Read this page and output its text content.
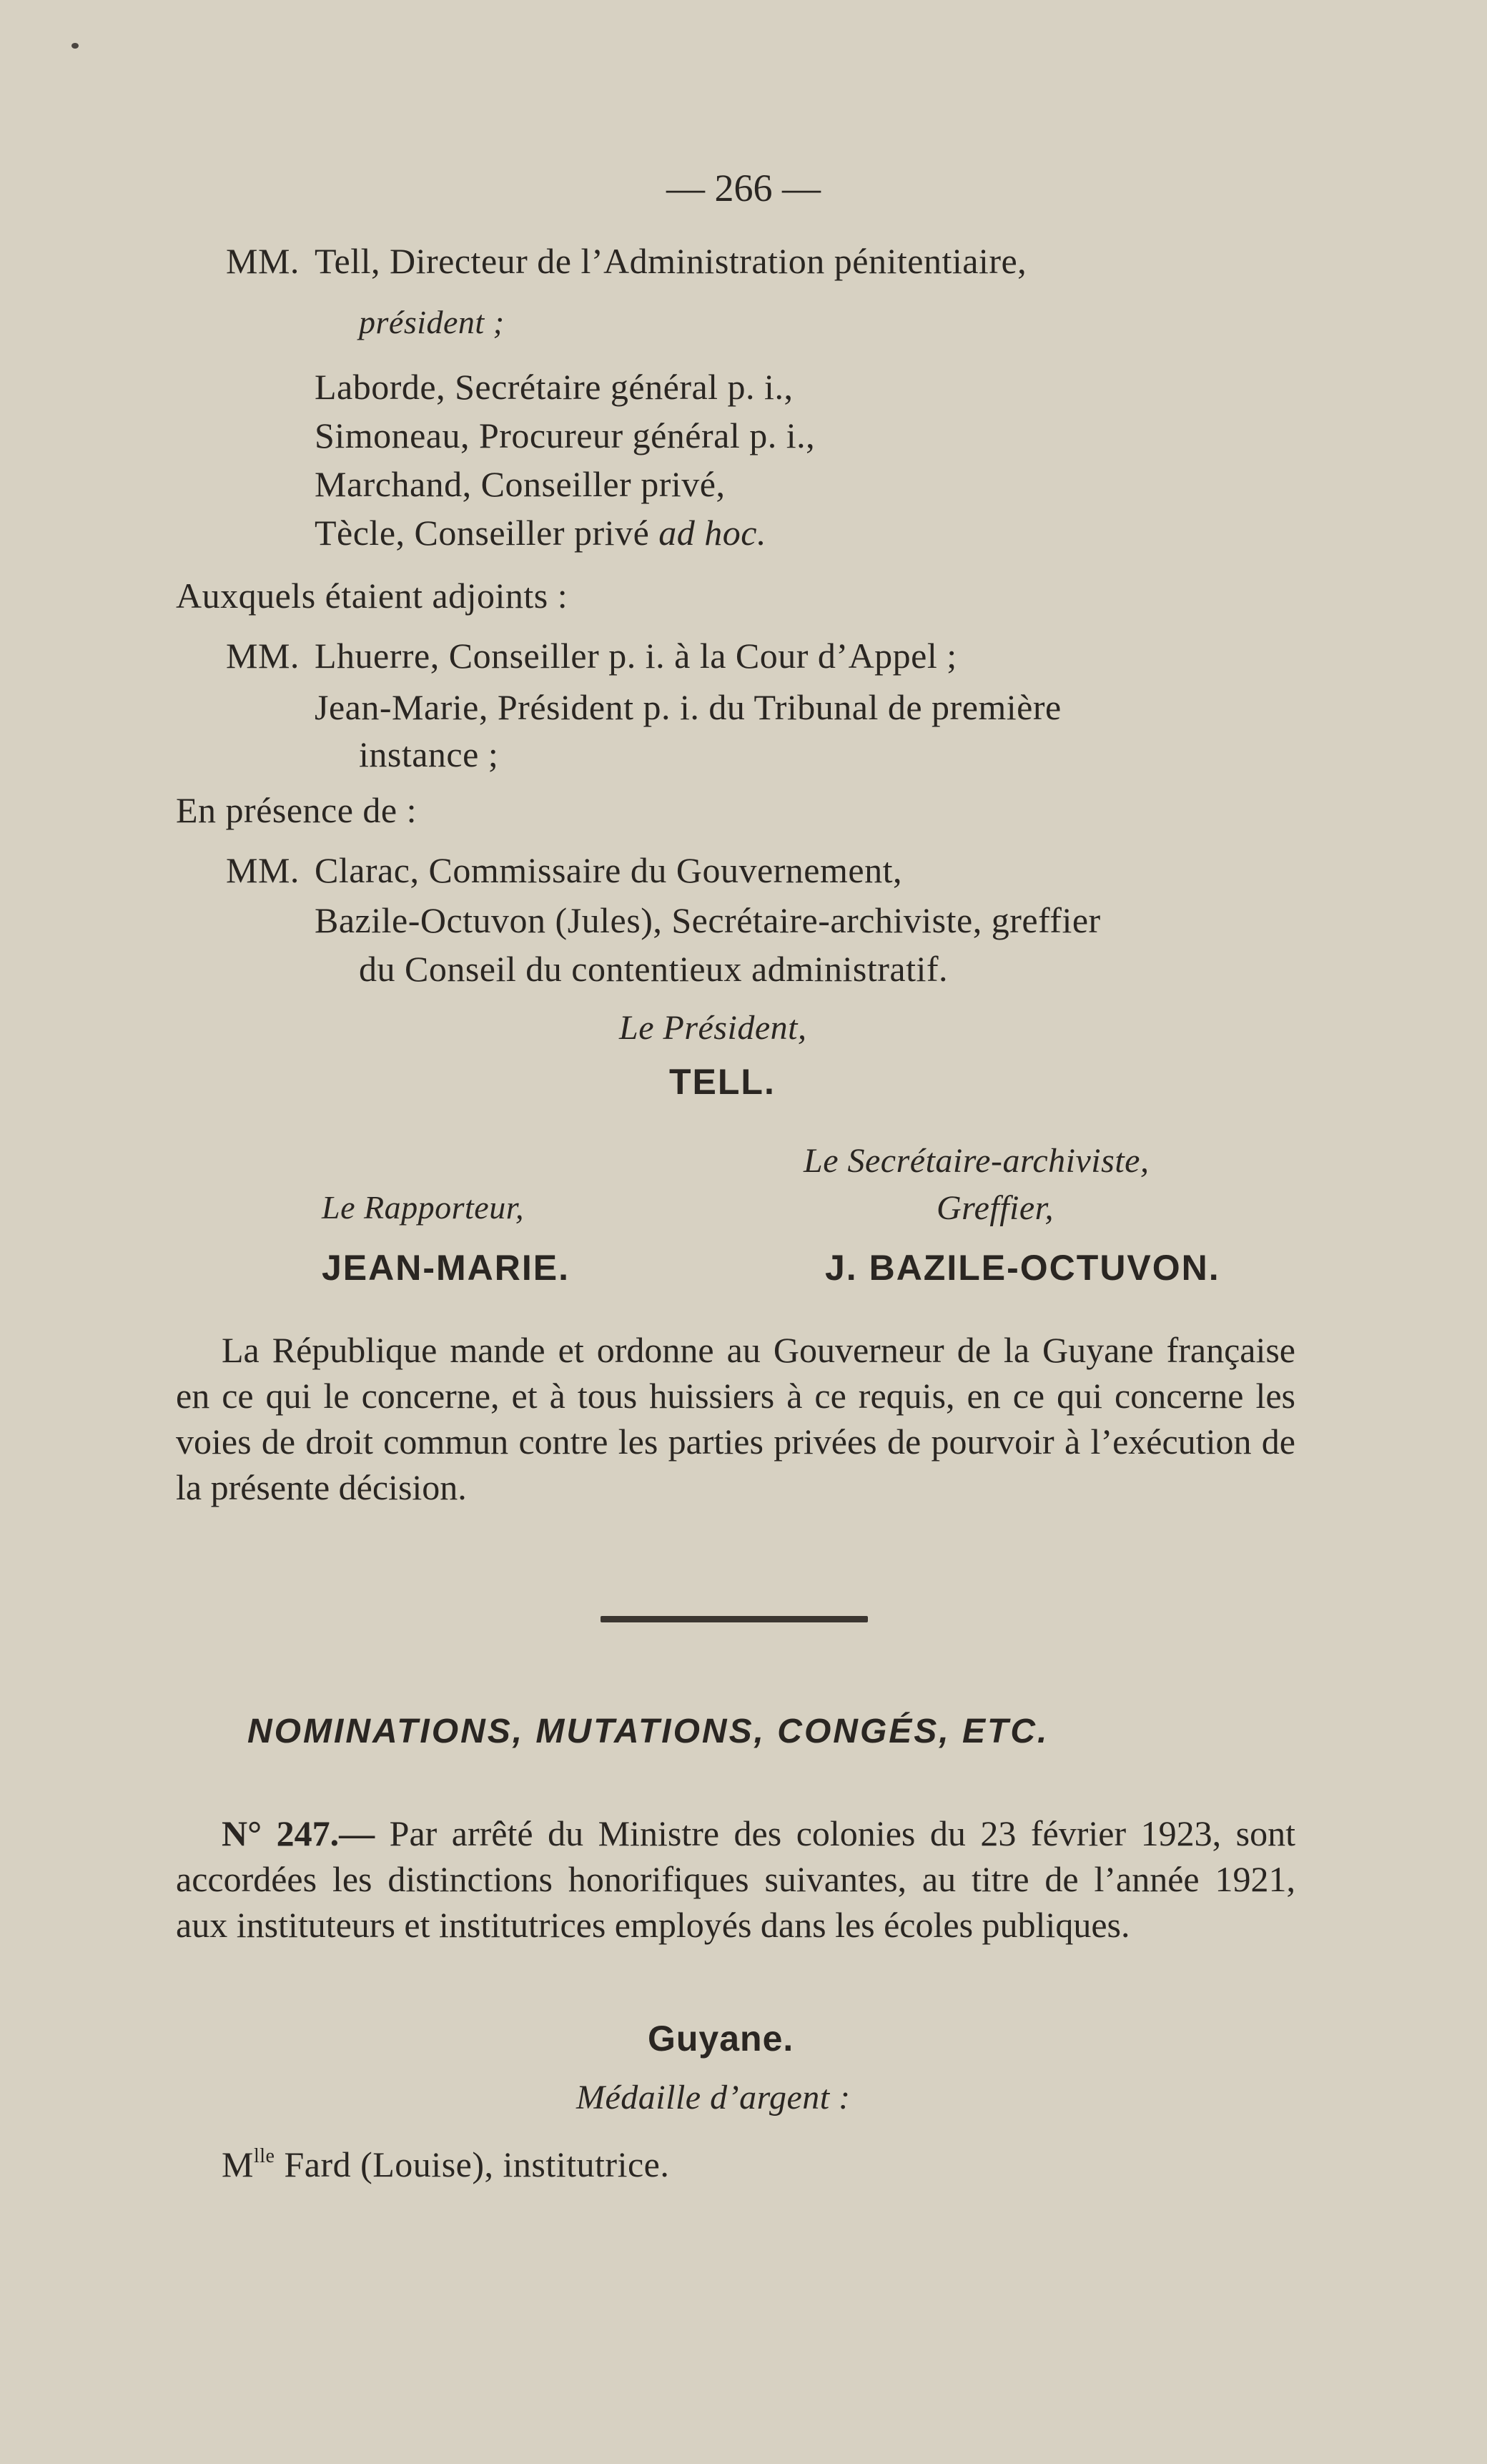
— 266 —
MM. Tell, Directeur de l’Administration pénitentiaire,
président ;
Laborde, Secrétaire général p. i.,
Simoneau, Procureur général p. i.,
Marchand, Conseiller privé,
Tècle, Conseiller privé ad hoc.
Auxquels étaient adjoints :
MM. Lhuerre, Conseiller p. i. à la Cour d’Appel ;
Jean-Marie, Président p. i. du Tribunal de première
instance ;
En présence de :
MM. Clarac, Commissaire du Gouvernement,
Bazile-Octuvon (Jules), Secrétaire-archiviste, greffier
du Conseil du contentieux administratif.
Le Président,
TELL.
Le Secrétaire-archiviste,
Le Rapporteur,	Greffier,
JEAN-MARIE.	J. BAZILE-OCTUVON.
La République mande et ordonne au Gouverneur de la Guyane française en ce qui le concerne, et à tous huissiers à ce requis, en ce qui concerne les voies de droit commun contre les parties privées de pourvoir à l’exécution de la présente décision.
NOMINATIONS, MUTATIONS, CONGÉS, ETC.
N° 247.— Par arrêté du Ministre des colonies du 23 février 1923, sont accordées les distinctions honorifiques suivantes, au titre de l’année 1921, aux instituteurs et institutrices employés dans les écoles publiques.
Guyane.
Médaille d’argent :
$M^{lle}$ Fard (Louise), institutrice.
